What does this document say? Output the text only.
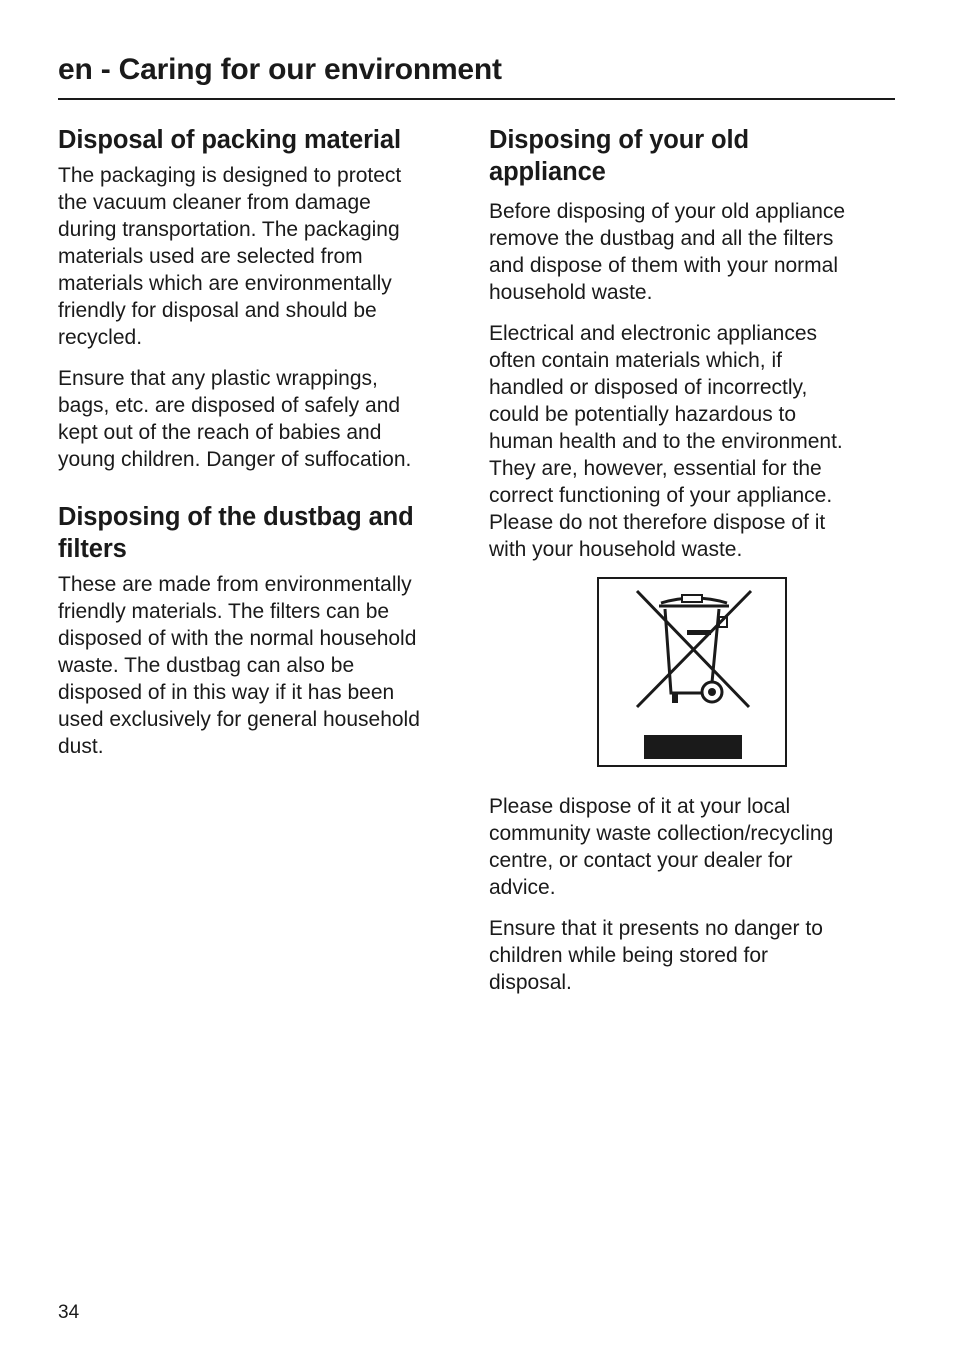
en - Caring for our environment
Disposal of packing material

The packaging is designed to protect
the vacuum cleaner from damage
during transportation. The packaging
materials used are selected from
materials which are environmentally
friendly for disposal and should be
recycled.

Ensure that any plastic wrappings,
bags, etc. are disposed of safely and
kept out of the reach of babies and
young children. Danger of suffocation.

Disposing of the dustbag and
filters

These are made from environmentally
friendly materials. The filters can be
disposed of with the normal household
waste. The dustbag can also be
disposed of in this way if it has been
used exclusively for general household
dust.

Disposing of your old
appliance

Before disposing of your old appliance
remove the dustbag and all the filters
and dispose of them with your normal
household waste.

Electrical and electronic appliances
often contain materials which, if
handled or disposed of incorrectly,
could be potentially hazardous to
human health and to the environment.
They are, however, essential for the
correct functioning of your appliance.
Please do not therefore dispose of it
with your household waste.

Please dispose of it at your local
community waste collection/recycling
centre, or contact your dealer for
advice.

Ensure that it presents no danger to
children while being stored for
disposal.

34
